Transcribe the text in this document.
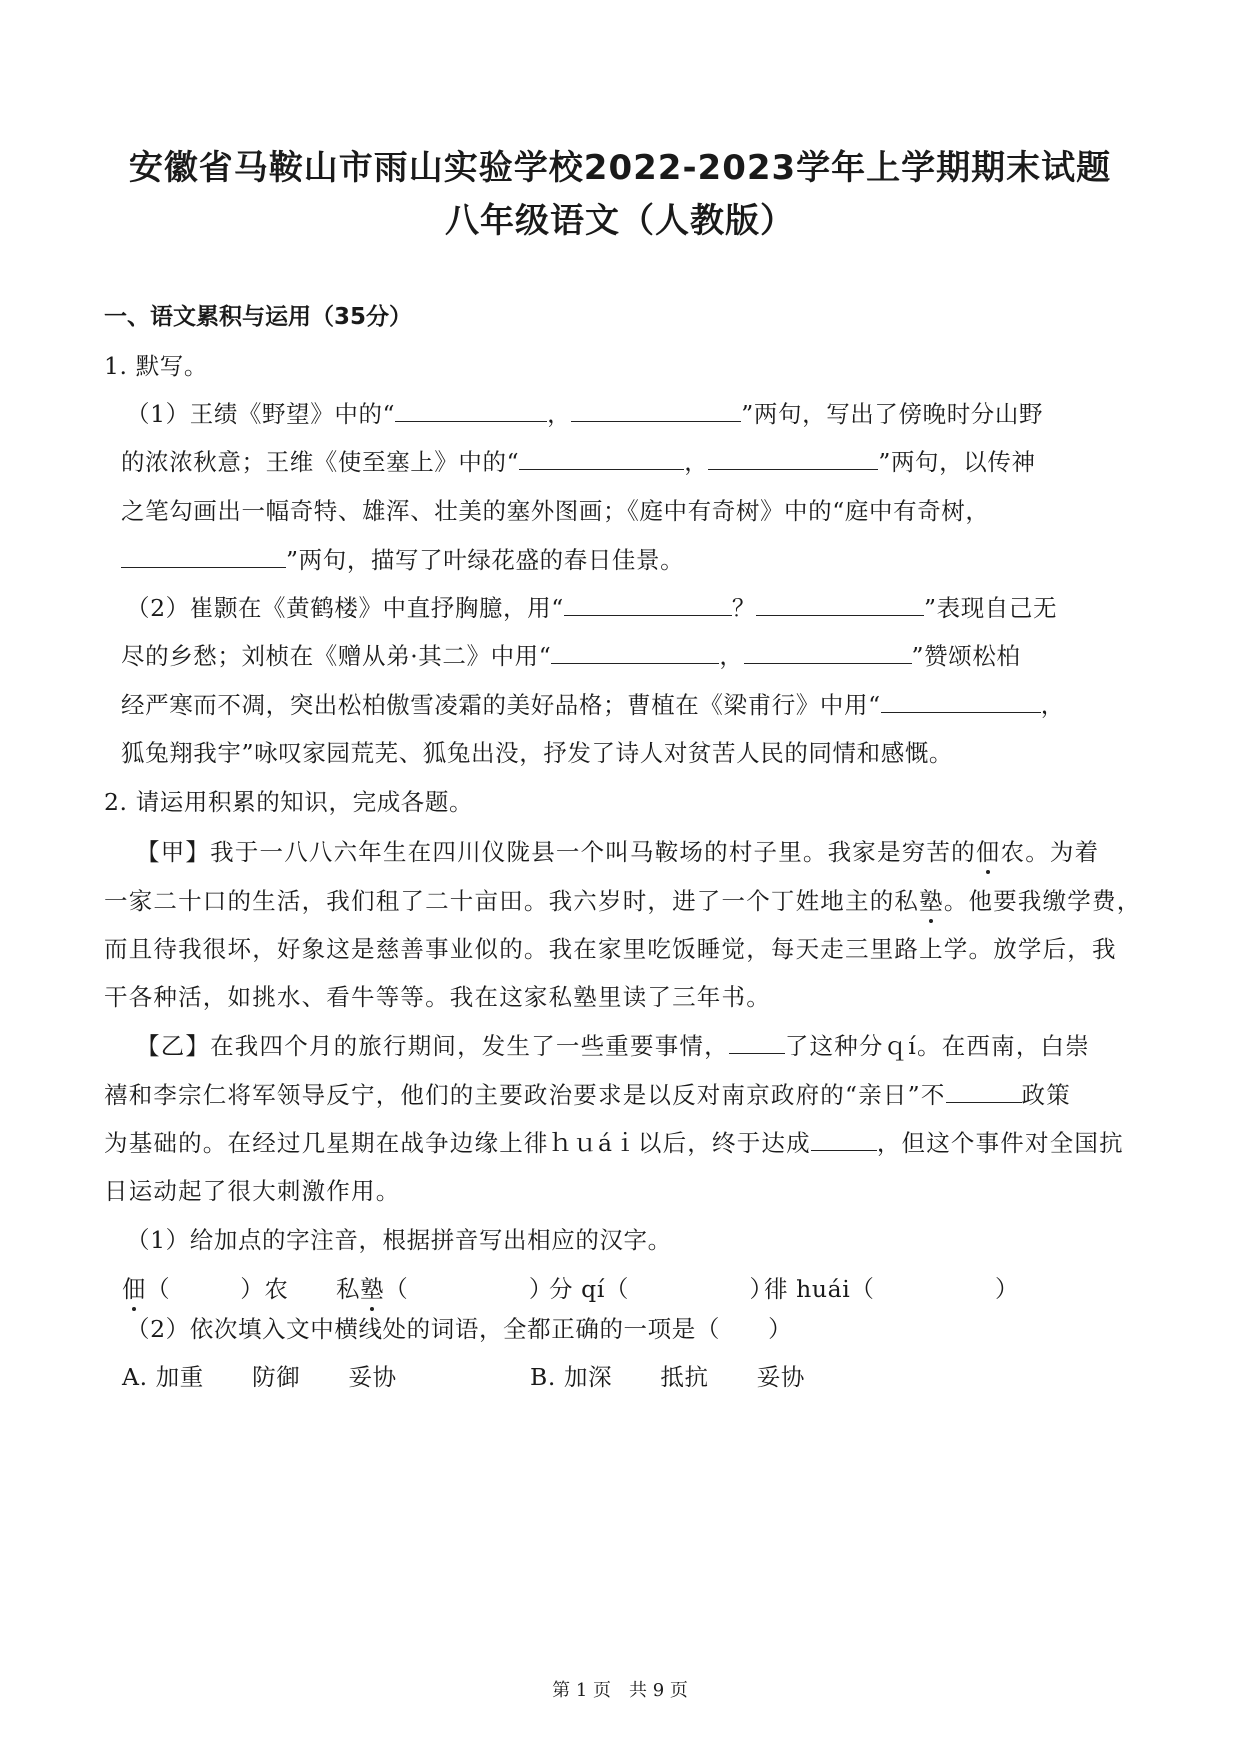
安徽省马鞍山市雨山实验学校2022-2023学年上学期期末试题
八年级语文（人教版）
一、语文累积与运用（35分）
1. 默写。
（1）王绩《野望》中的“	，	”两句，写出了傍晚时分山野
的浓浓秋意；王维《使至塞上》中的“	，	”两句，以传神
之笔勾画出一幅奇特、雄浑、壮美的塞外图画；《庭中有奇树》中的“庭中有奇树，
”两句，描写了叶绿花盛的春日佳景。
（2）崔颢在《黄鹤楼》中直抒胸臆，用“	？	”表现自己无
尽的乡愁；刘桢在《赠从弟·其二》中用“	，	”赞颂松柏
经严寒而不凋，突出松柏傲雪凌霜的美好品格；曹植在《梁甫行》中用“	，
狐兔翔我宇”咏叹家园荒芜、狐兔出没，抒发了诗人对贫苦人民的同情和感慨。
2. 请运用积累的知识，完成各题。
【甲】我于一八八六年生在四川仪陇县一个叫马鞍场的村子里。我家是穷苦的佃农。为着
一家二十口的生活，我们租了二十亩田。我六岁时，进了一个丁姓地主的私塾。他要我缴学费，
而且待我很坏，好象这是慈善事业似的。我在家里吃饭睡觉，每天走三里路上学。放学后，我
干各种活，如挑水、看牛等等。我在这家私塾里读了三年书。
【乙】在我四个月的旅行期间，发生了一些重要事情， 了这种分ｑí。在西南，白崇
禧和李宗仁将军领导反宁，他们的主要政治要求是以反对南京政府的“亲日”不	政策
为基础的。在经过几星期在战争边缘上徘ｈｕáｉ以后，终于达成	，但这个事件对全国抗
日运动起了很大刺激作用。
（1）给加点的字注音，根据拼音写出相应的汉字。
佃（	）农 私塾（　　　　　）
分 qí（　　　　　）
徘 huái（　　　　　）
（2）依次填入文中横线处的词语，全都正确的一项是（　　）
A. 加重　　防御　　妥协	B. 加深　　抵抗　　妥协
第 1 页　共 9 页
